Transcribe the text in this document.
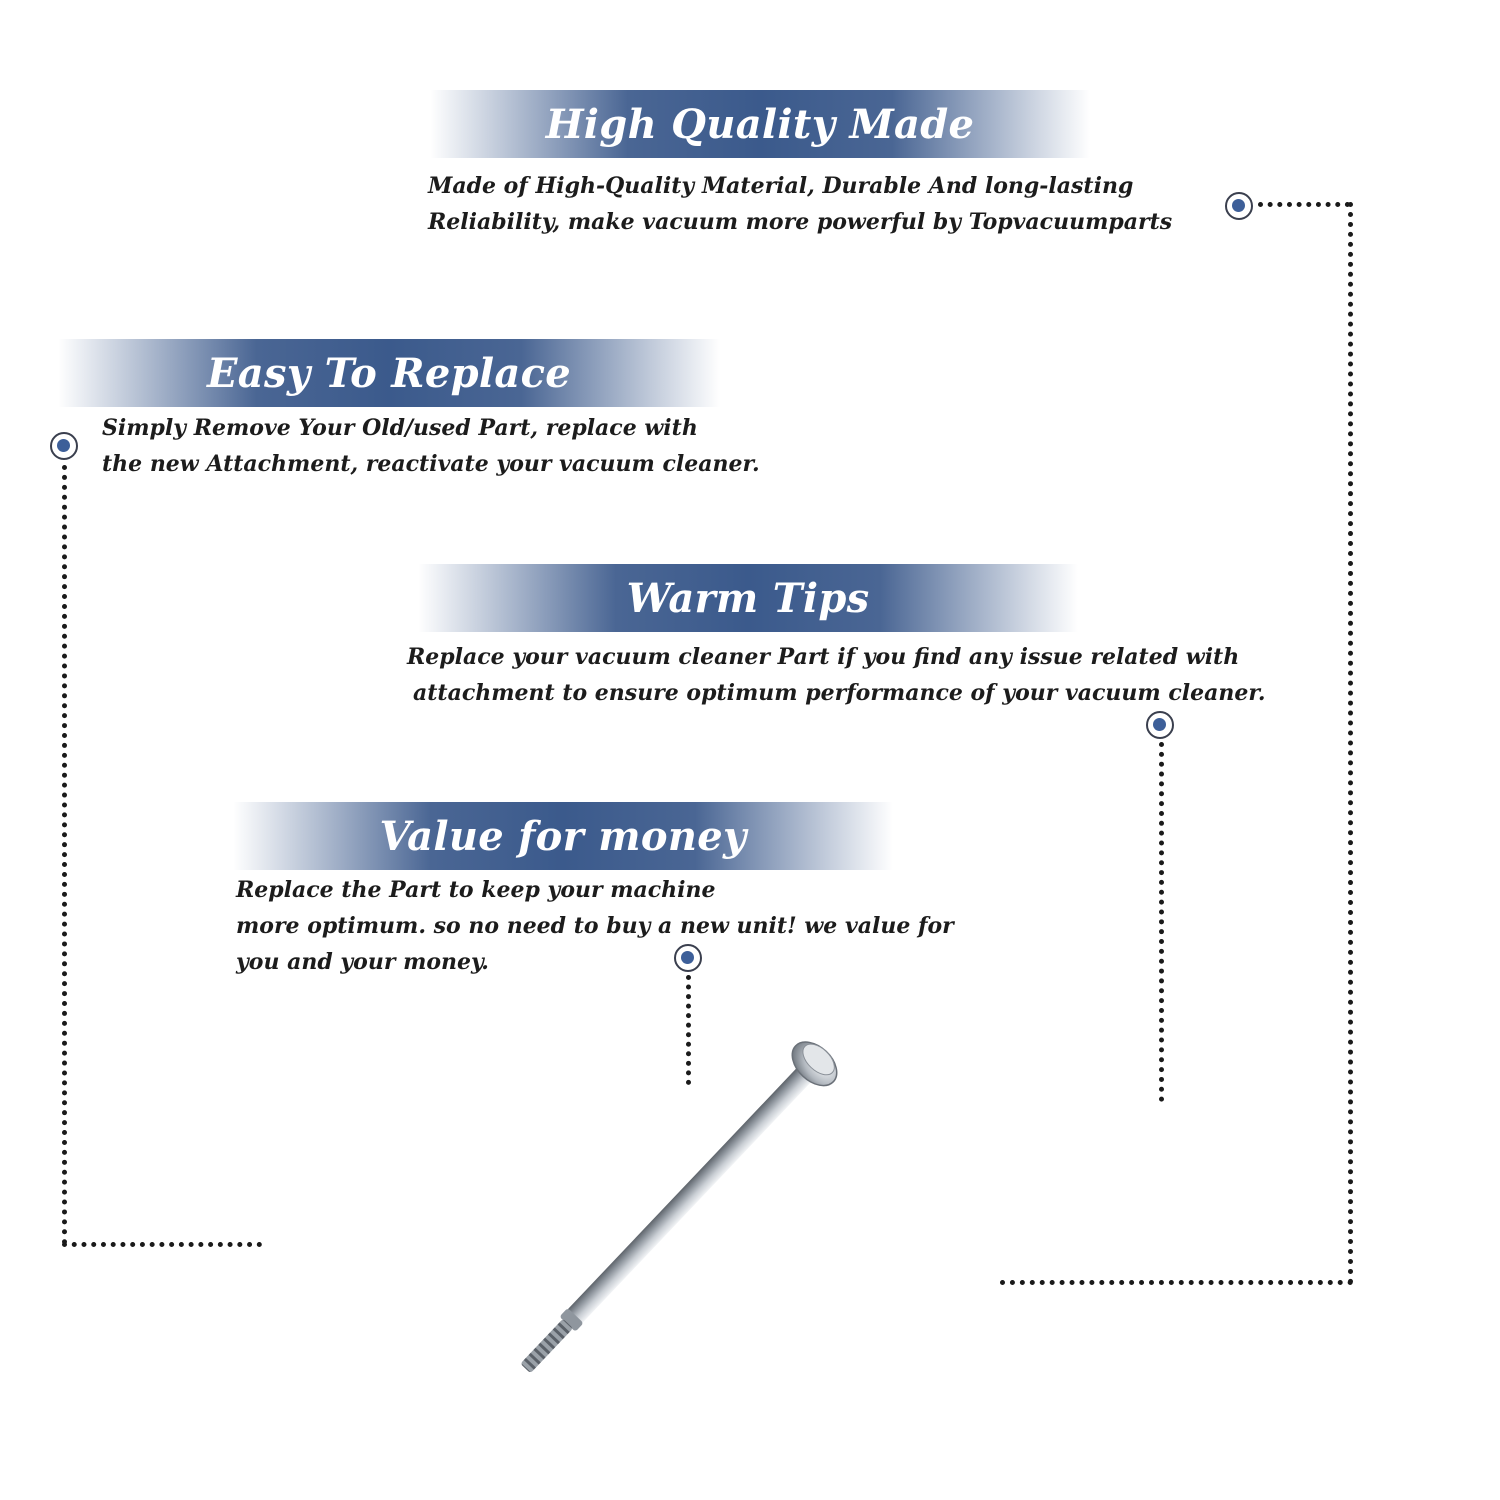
High Quality Made
Made of High-Quality Material, Durable And long-lasting
Reliability, make vacuum more powerful by Topvacuumparts
Easy To Replace
Simply Remove Your Old/used Part, replace with
the new Attachment, reactivate your vacuum cleaner.
Warm Tips
Replace your vacuum cleaner Part if you find any issue related with
attachment to ensure optimum performance of your vacuum cleaner.
Value for money
Replace the Part to keep your machine
more optimum. so no need to buy a new unit! we value for
you and your money.
